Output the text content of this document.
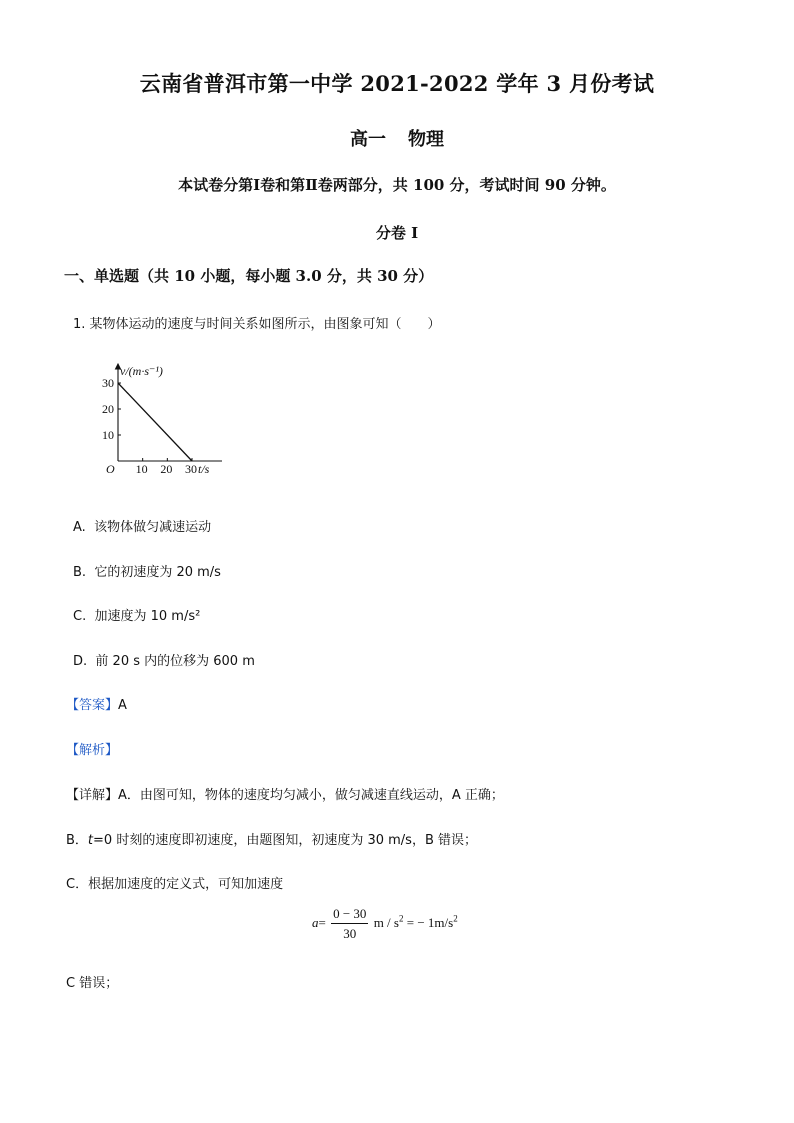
云南省普洱市第一中学 2021-2022 学年 3 月份考试
高一 物理
本试卷分第Ⅰ卷和第Ⅱ卷两部分，共 100 分，考试时间 90 分钟。
分卷 I
一、单选题（共 10 小题，每小题 3.0 分，共 30 分）
1. 某物体运动的速度与时间关系如图所示，由图象可知（　　）
10 20 30
10
20
30
v/(m·s⁻¹)
O	t/s
A. 该物体做匀减速运动
B. 它的初速度为 20 m/s
C. 加速度为 10 m/s²
D. 前 20 s 内的位移为 600 m
【答案】A
【解析】
【详解】A．由图可知，物体的速度均匀减小，做匀减速直线运动，A 正确；
B．t=0 时刻的速度即初速度，由题图知，初速度为 30 m/s，B 错误；
C．根据加速度的定义式，可知加速度
$a= \frac{0 - 30}{30}$ m / $s^2$ = − $1m/s^2$
C 错误；
